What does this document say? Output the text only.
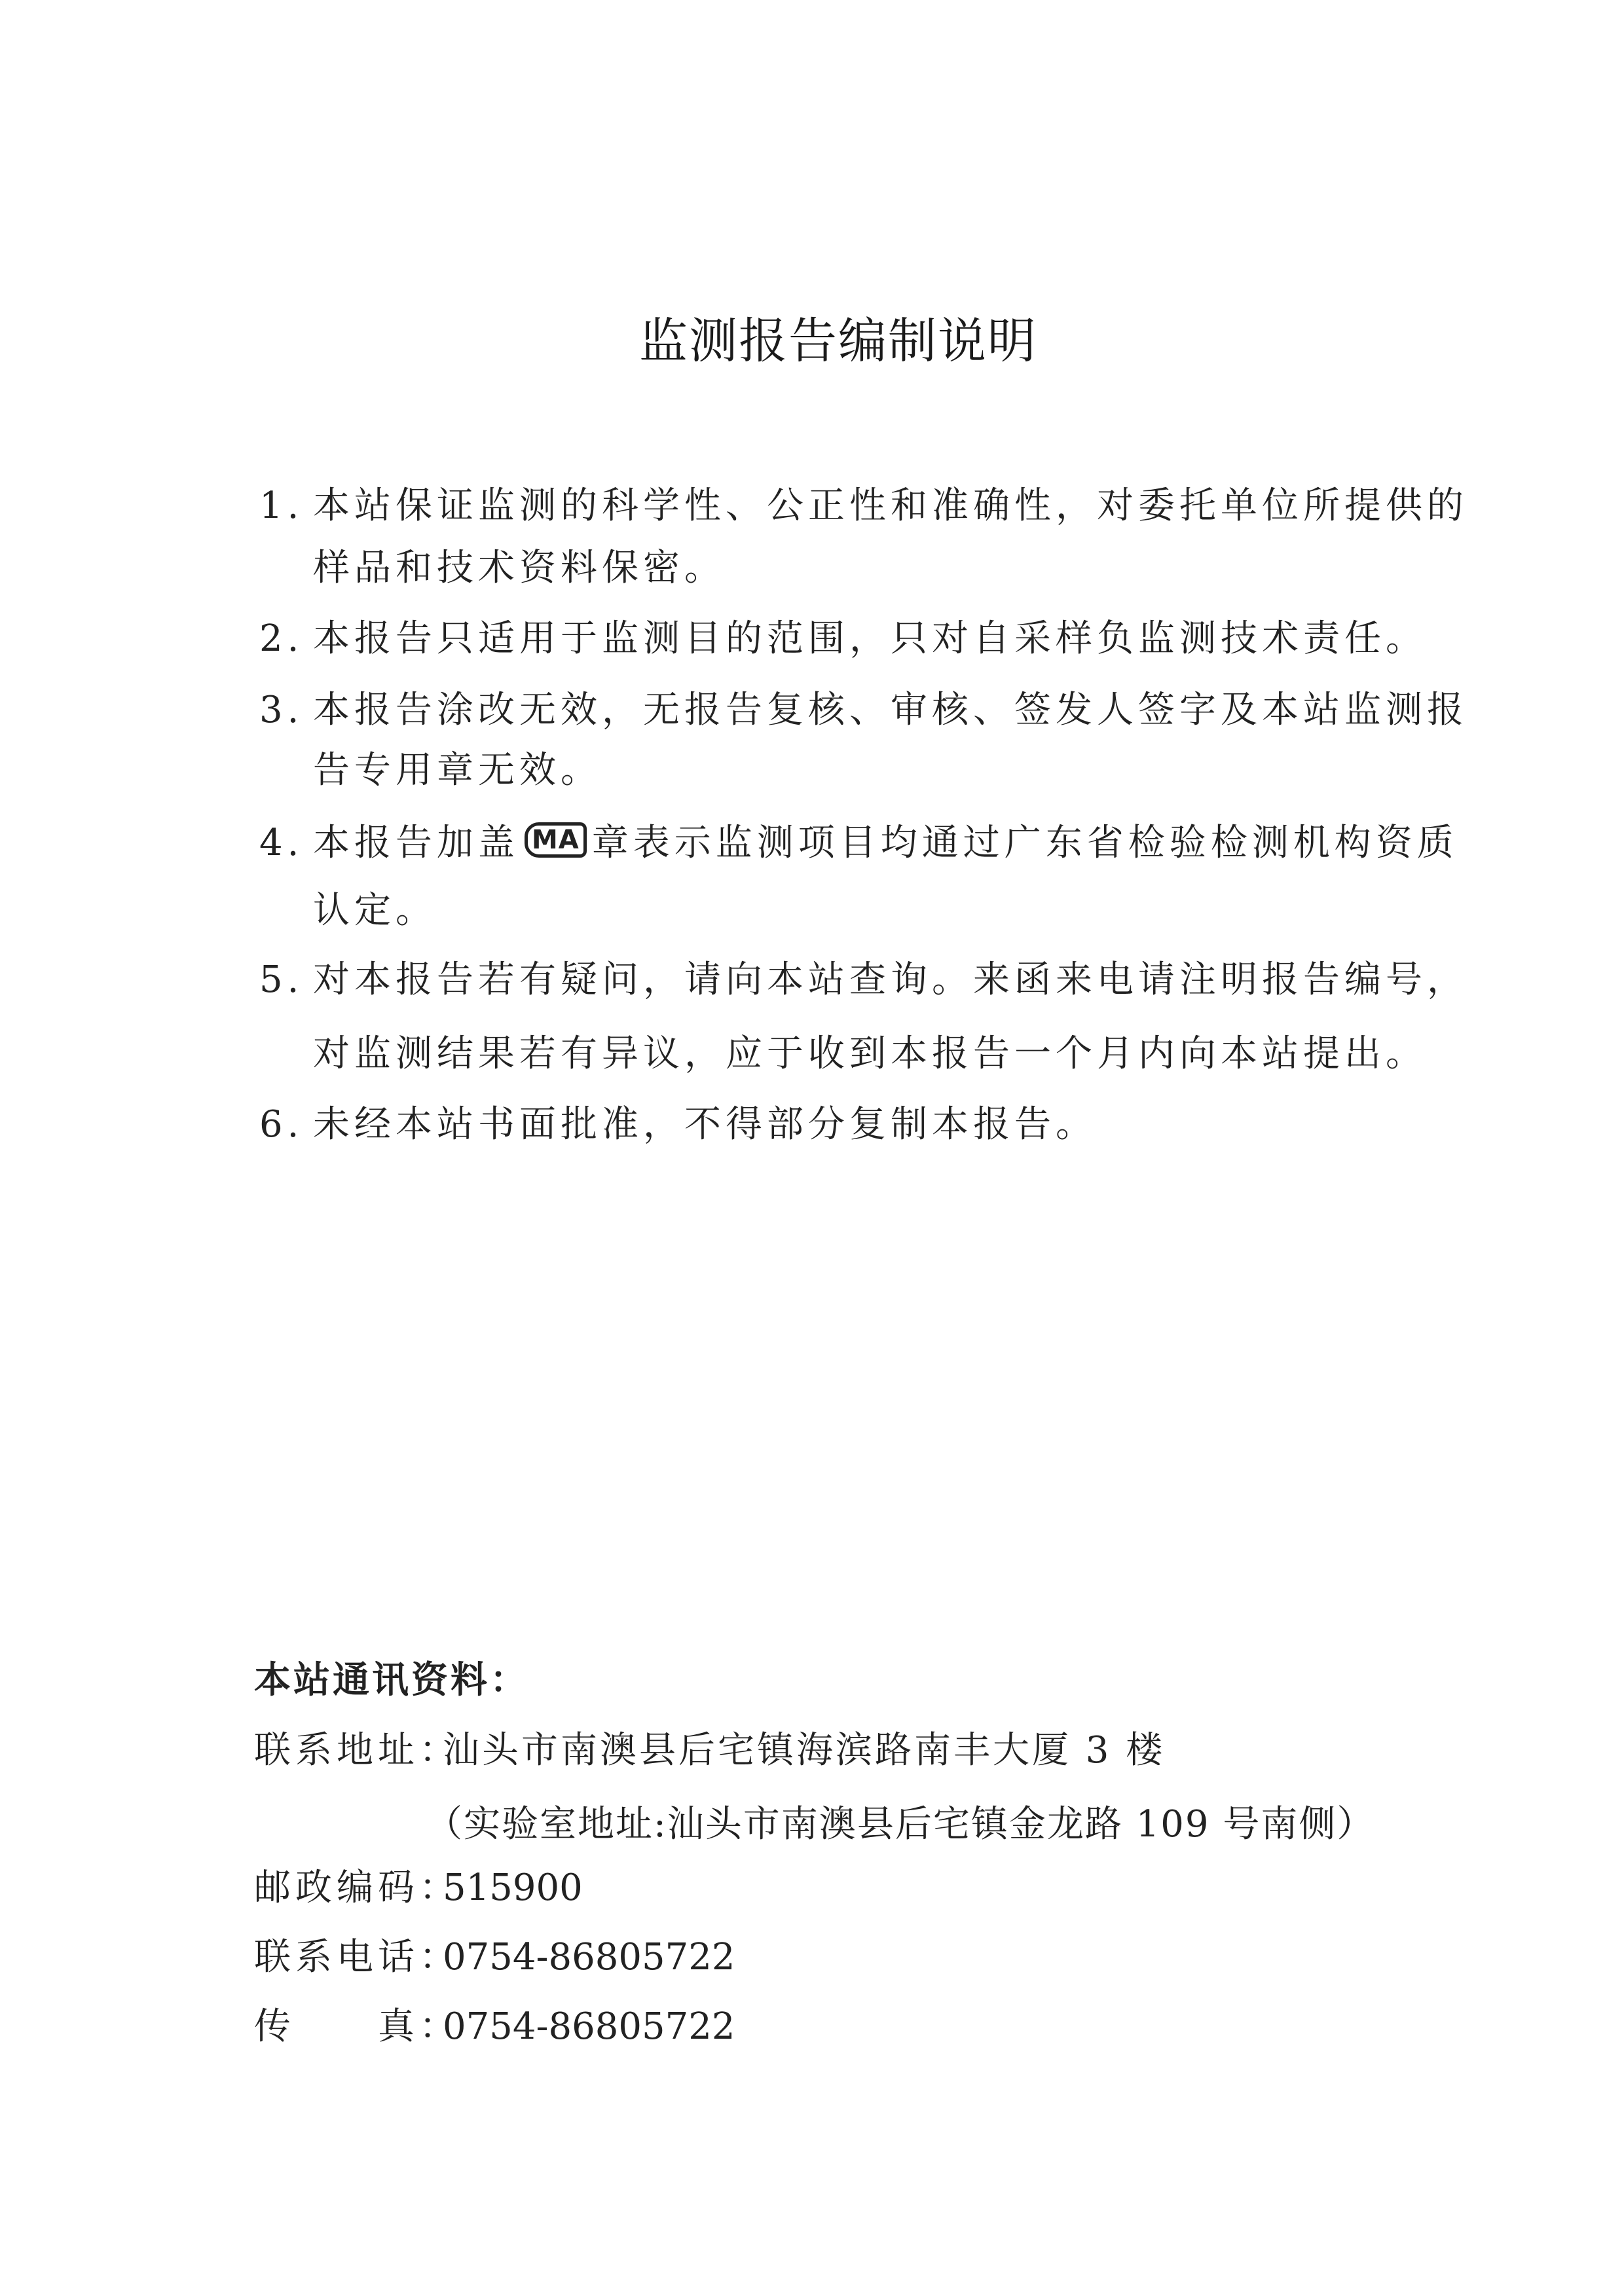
监测报告编制说明
1. 本站保证监测的科学性、公正性和准确性，对委托单位所提供的
样品和技术资料保密。
2. 本报告只适用于监测目的范围，只对自采样负监测技术责任。
3. 本报告涂改无效，无报告复核、审核、签发人签字及本站监测报
告专用章无效。
4. 本报告加盖 MA 章表示监测项目均通过广东省检验检测机构资质
认定。
5. 对本报告若有疑问，请向本站查询。来函来电请注明报告编号，
对监测结果若有异议，应于收到本报告一个月内向本站提出。
6. 未经本站书面批准，不得部分复制本报告。
本站通讯资料：
联系地址：
汕头市南澳县后宅镇海滨路南丰大厦 3 楼
（实验室地址:汕头市南澳县后宅镇金龙路 109 号南侧）
邮政编码：
515900
联系电话：
0754-86805722
传　　真：
0754-86805722
